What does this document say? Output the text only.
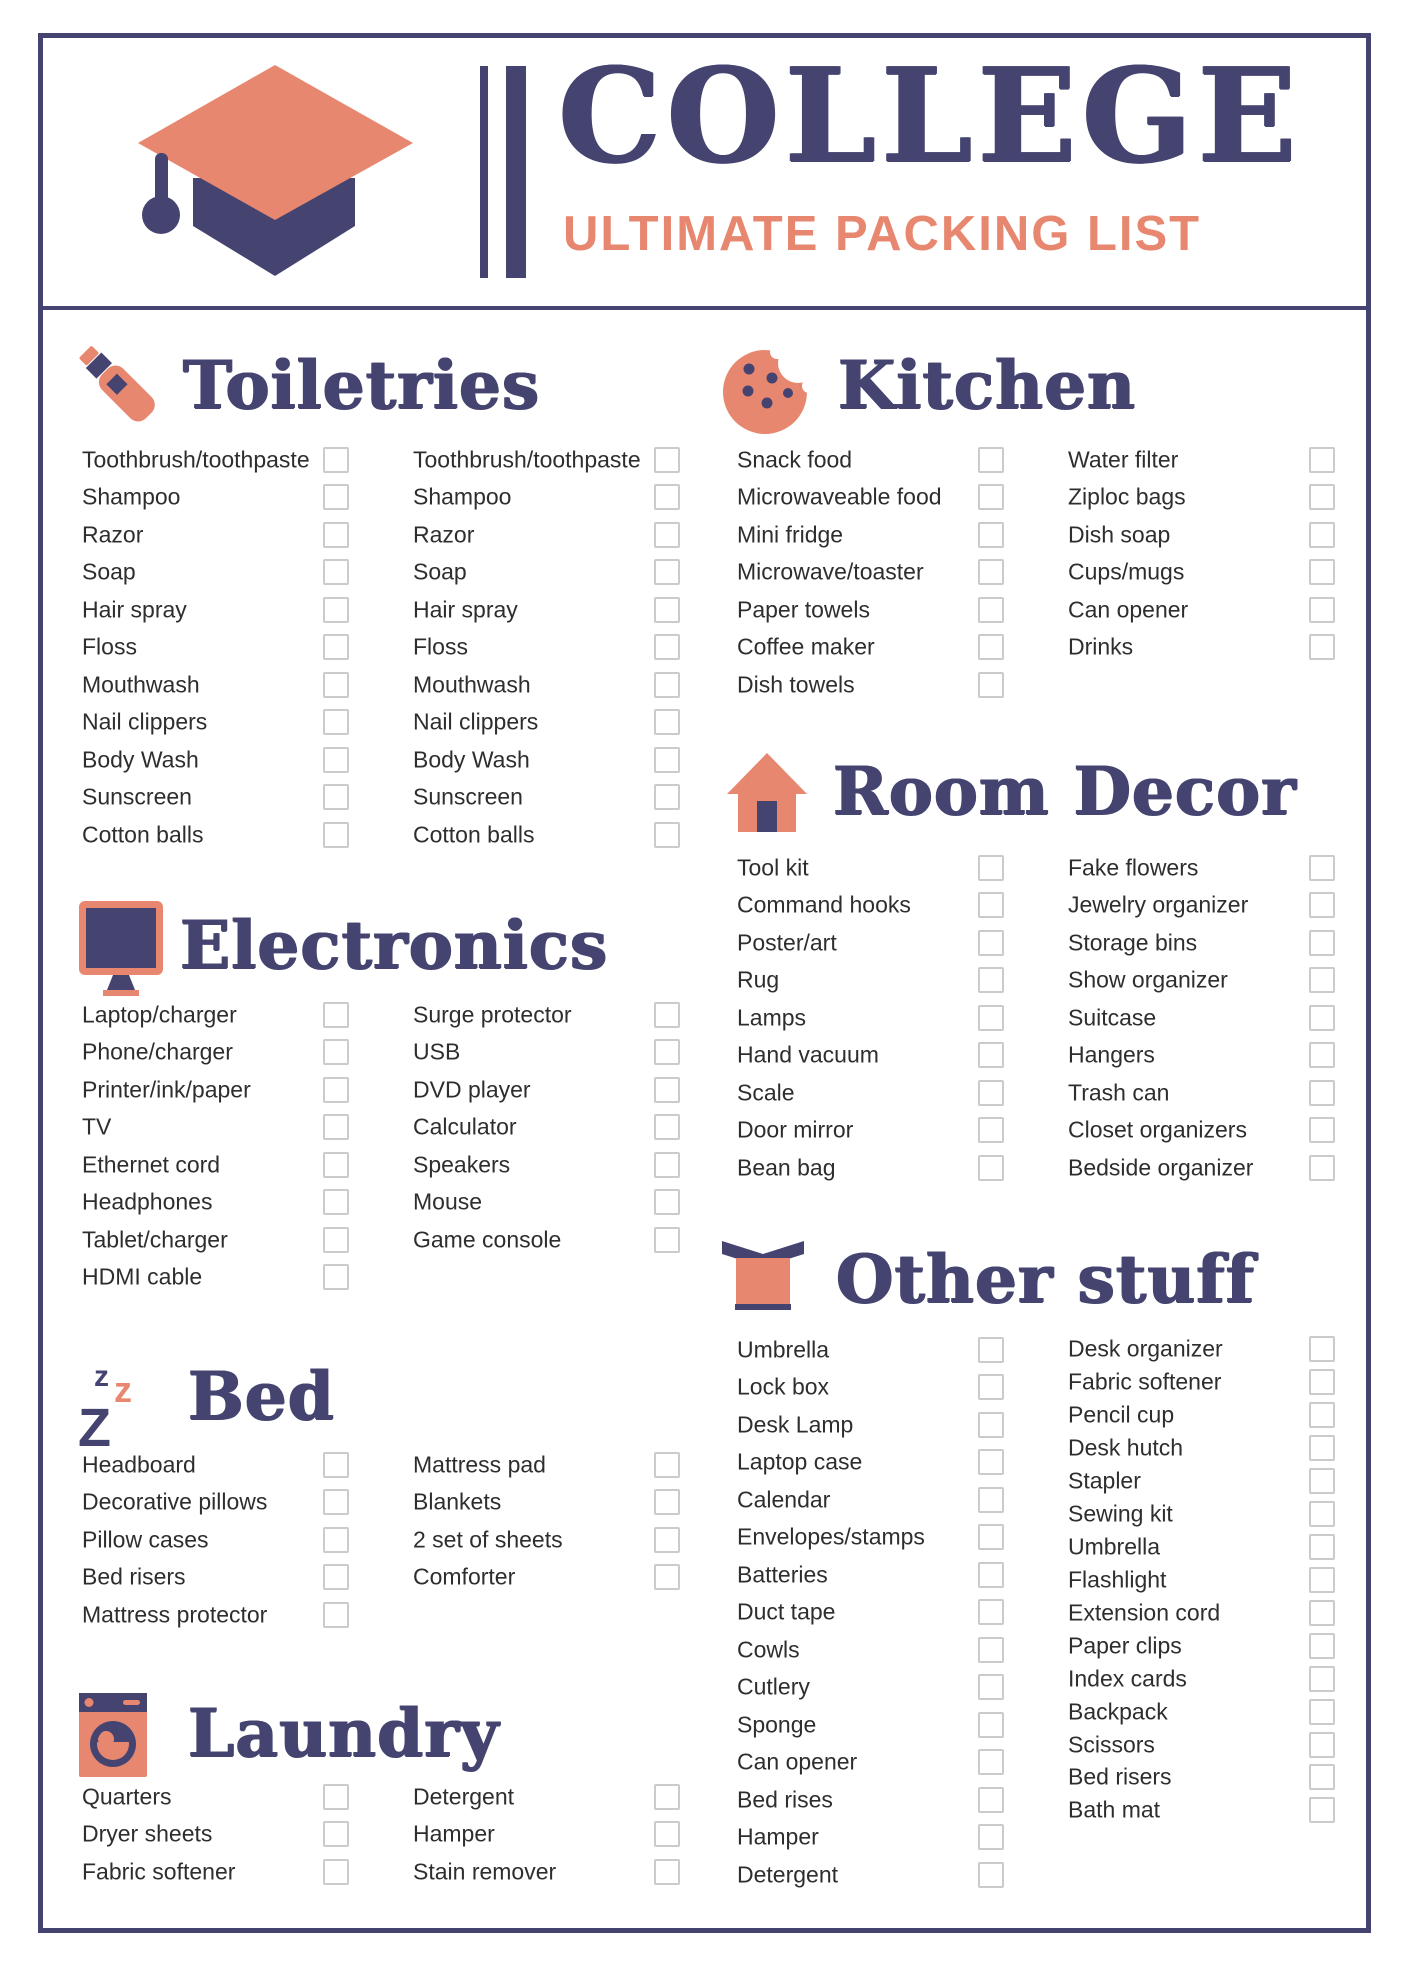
COLLEGE
ULTIMATE PACKING LIST
Toiletries
Toothbrush/toothpaste
Shampoo
Razor
Soap
Hair spray
Floss
Mouthwash
Nail clippers
Body Wash
Sunscreen
Cotton balls
Toothbrush/toothpaste
Shampoo
Razor
Soap
Hair spray
Floss
Mouthwash
Nail clippers
Body Wash
Sunscreen
Cotton balls
Kitchen
Snack food
Microwaveable food
Mini fridge
Microwave/toaster
Paper towels
Coffee maker
Dish towels
Water filter
Ziploc bags
Dish soap
Cups/mugs
Can opener
Drinks
Electronics
Laptop/charger
Phone/charger
Printer/ink/paper
TV
Ethernet cord
Headphones
Tablet/charger
HDMI cable
Surge protector
USB
DVD player
Calculator
Speakers
Mouse
Game console
Room Decor
Tool kit
Command hooks
Poster/art
Rug
Lamps
Hand vacuum
Scale
Door mirror
Bean bag
Fake flowers
Jewelry organizer
Storage bins
Show organizer
Suitcase
Hangers
Trash can
Closet organizers
Bedside organizer
z z
Z Bed
Headboard
Decorative pillows
Pillow cases
Bed risers
Mattress protector
Mattress pad
Blankets
2 set of sheets
Comforter
Other stuff
Umbrella
Lock box
Desk Lamp
Laptop case
Calendar
Envelopes/stamps
Batteries
Duct tape
Cowls
Cutlery
Sponge
Can opener
Bed rises
Hamper
Detergent
Desk organizer
Fabric softener
Pencil cup
Desk hutch
Stapler
Sewing kit
Umbrella
Flashlight
Extension cord
Paper clips
Index cards
Backpack
Scissors
Bed risers
Bath mat
Laundry
Quarters
Dryer sheets
Fabric softener
Detergent
Hamper
Stain remover
